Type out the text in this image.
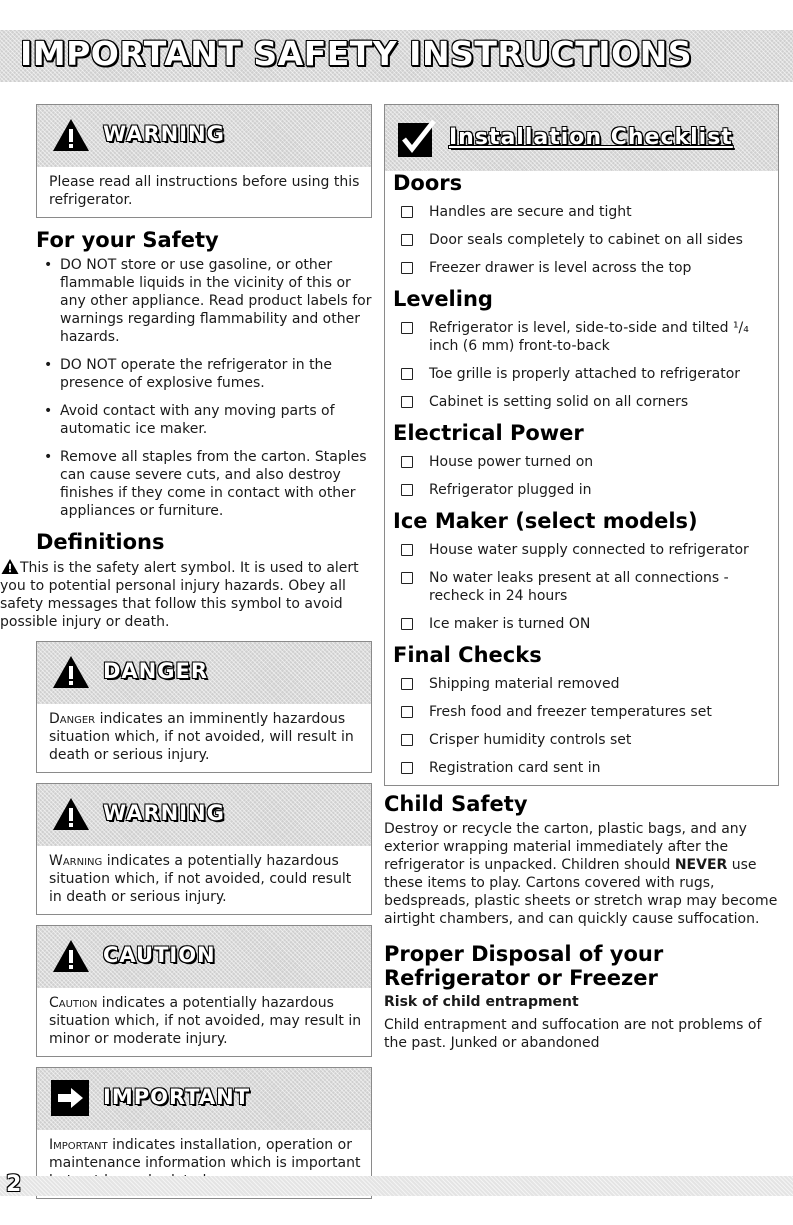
IMPORTANT SAFETY INSTRUCTIONS
WARNING
Please read all instructions before using this refrigerator.
For your Safety
• DO NOT store or use gasoline, or other flammable liquids in the vicinity of this or any other appliance. Read product labels for warnings regarding flammability and other hazards.
• DO NOT operate the refrigerator in the presence of explosive fumes.
• Avoid contact with any moving parts of automatic ice maker.
• Remove all staples from the carton. Staples can cause severe cuts, and also destroy finishes if they come in contact with other appliances or furniture.
Definitions

This is the safety alert symbol. It is used to alert you to potential personal injury hazards. Obey all safety messages that follow this symbol to avoid possible injury or death.

DANGER
Danger indicates an imminently hazardous situation which, if not avoided, will result in death or serious injury.
WARNING
Warning indicates a potentially hazardous situation which, if not avoided, could result in death or serious injury.
CAUTION
Caution indicates a potentially hazardous situation which, if not avoided, may result in minor or moderate injury.
IMPORTANT
Important indicates installation, operation or maintenance information which is important
Installation Checklist
Doors
Handles are secure and tight
Door seals completely to cabinet on all sides
Freezer drawer is level across the top
Leveling
Refrigerator is level, side-to-side and tilted ¹/₄ inch (6 mm) front-to-back
Toe grille is properly attached to refrigerator
Cabinet is setting solid on all corners
Electrical Power
House power turned on
Refrigerator plugged in
Ice Maker (select models)
House water supply connected to refrigerator
No water leaks present at all connections - recheck in 24 hours
Ice maker is turned ON
Final Checks
Shipping material removed
Fresh food and freezer temperatures set
Crisper humidity controls set
Registration card sent in
Child Safety

Destroy or recycle the carton, plastic bags, and any exterior wrapping material immediately after the refrigerator is unpacked. Children should NEVER use these items to play. Cartons covered with rugs, bedspreads, plastic sheets or stretch wrap may become airtight chambers, and can quickly cause suffocation.

Proper Disposal of your
Refrigerator or Freezer
Risk of child entrapment

Child entrapment and suffocation are not problems of the past. Junked or abandoned

2
